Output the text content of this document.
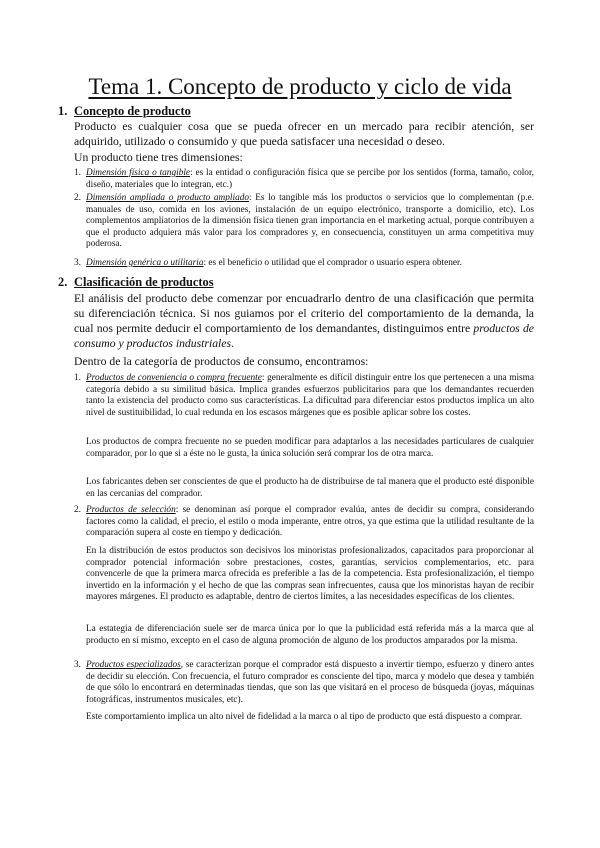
Tema 1. Concepto de producto y ciclo de vida
1. Concepto de producto
Producto es cualquier cosa que se pueda ofrecer en un mercado para recibir atención, ser adquirido, utilizado o consumido y que pueda satisfacer una necesidad o deseo.
Un producto tiene tres dimensiones:
1. Dimensión física o tangible: es la entidad o configuración física que se percibe por los sentidos (forma, tamaño, color, diseño, materiales que lo integran, etc.)
2. Dimensión ampliada o producto ampliado: Es lo tangible más los productos o servicios que lo complementan (p.e. manuales de uso, comida en los aviones, instalación de un equipo electrónico, transporte a domicilio, etc). Los complementos ampliatorios de la dimensión física tienen gran importancia en el marketing actual, porque contribuyen a que el producto adquiera más valor para los compradores y, en consecuencia, constituyen un arma competitiva muy poderosa.
3. Dimensión genérica o utilitaria: es el beneficio o utilidad que el comprador o usuario espera obtener.
2. Clasificación de productos
El análisis del producto debe comenzar por encuadrarlo dentro de una clasificación que permita su diferenciación técnica. Si nos guiamos por el criterio del comportamiento de la demanda, la cual nos permite deducir el comportamiento de los demandantes, distinguimos entre productos de consumo y productos industriales.
Dentro de la categoría de productos de consumo, encontramos:
1. Productos de conveniencia o compra frecuente: generalmente es difícil distinguir entre los que pertenecen a una misma categoría debido a su similitud básica. Implica grandes esfuerzos publicitarios para que los demandantes recuerden tanto la existencia del producto como sus características. La dificultad para diferenciar estos productos implica un alto nivel de sustituibilidad, lo cual redunda en los escasos márgenes que es posible aplicar sobre los costes.
Los productos de compra frecuente no se pueden modificar para adaptarlos a las necesidades particulares de cualquier comparador, por lo que si a éste no le gusta, la única solución será comprar los de otra marca.
Los fabricantes deben ser conscientes de que el producto ha de distribuirse de tal manera que el producto esté disponible en las cercanías del comprador.
2. Productos de selección: se denominan así porque el comprador evalúa, antes de decidir su compra, considerando factores como la calidad, el precio, el estilo o moda imperante, entre otros, ya que estima que la utilidad resultante de la comparación supera al coste en tiempo y dedicación.
En la distribución de estos productos son decisivos los minoristas profesionalizados, capacitados para proporcionar al comprador potencial información sobre prestaciones, costes, garantías, servicios complementarios, etc. para convencerle de que la primera marca ofrecida es preferible a las de la competencia. Esta profesionalización, el tiempo invertido en la información y el hecho de que las compras sean infrecuentes, causa que los minoristas hayan de recibir mayores márgenes. El producto es adaptable, dentro de ciertos límites, a las necesidades específicas de los clientes.
La estategia de diferenciación suele ser de marca única por lo que la publicidad está referida más a la marca que al producto en sí mismo, excepto en el caso de alguna promoción de alguno de los productos amparados por la misma.
3. Productos especializados, se caracterizan porque el comprador está dispuesto a invertir tiempo, esfuerzo y dinero antes de decidir su elección. Con frecuencia, el futuro comprador es consciente del tipo, marca y modelo que desea y también de que sólo lo encontrará en determinadas tiendas, que son las que visitará en el proceso de búsqueda (joyas, máquinas fotográficas, instrumentos musicales, etc).
Este comportamiento implica un alto nivel de fidelidad a la marca o al tipo de producto que está dispuesto a comprar.
